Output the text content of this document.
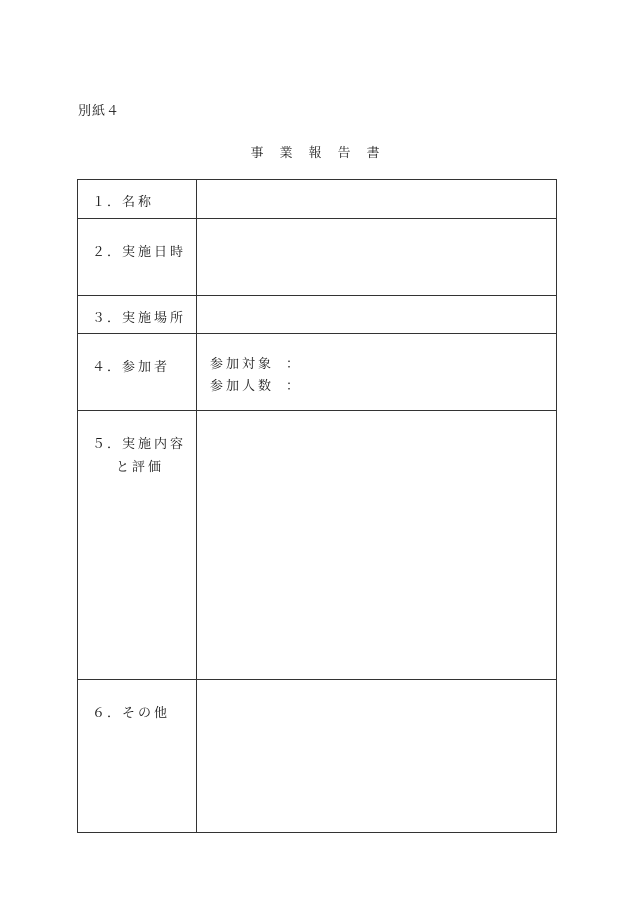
別紙４
事業報告書
１．名称	
２．実施日時	
３．実施場所	
４．参加者	参加対象 ：
参加人数 ：

５．実施内容
と評価	

６．その他	
